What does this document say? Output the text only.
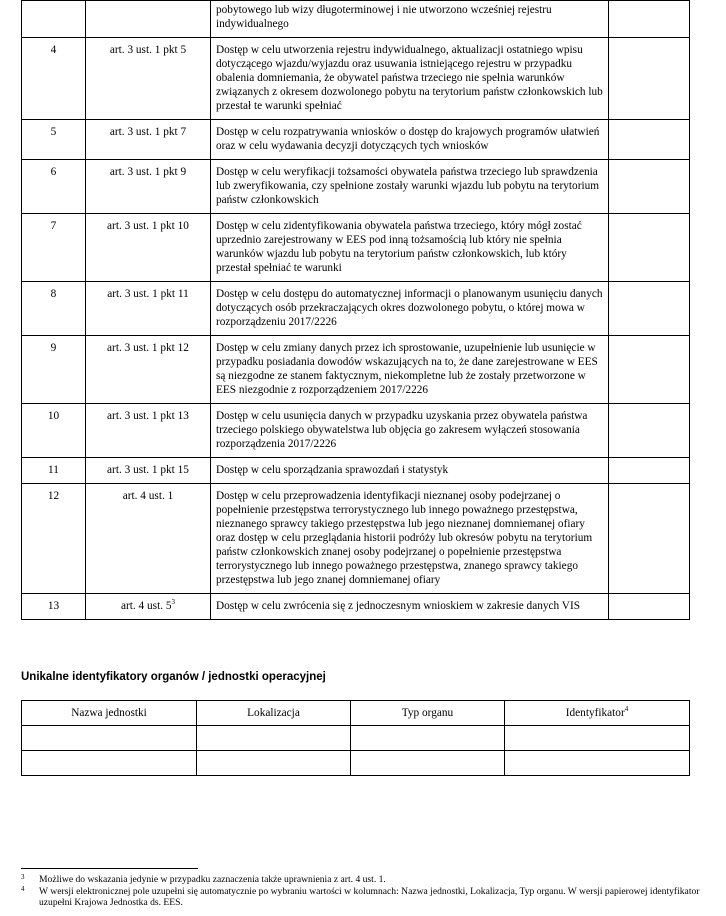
		pobytowego lub wizy długoterminowej i nie utworzono wcześniej rejestru indywidualnego	
4	art. 3 ust. 1 pkt 5	Dostęp w celu utworzenia rejestru indywidualnego, aktualizacji ostatniego wpisu dotyczącego wjazdu/wyjazdu oraz usuwania istniejącego rejestru w przypadku obalenia domniemania, że obywatel państwa trzeciego nie spełnia warunków związanych z okresem dozwolonego pobytu na terytorium państw członkowskich lub przestał te warunki spełniać	
5	art. 3 ust. 1 pkt 7	Dostęp w celu rozpatrywania wniosków o dostęp do krajowych programów ułatwień oraz w celu wydawania decyzji dotyczących tych wniosków	
6	art. 3 ust. 1 pkt 9	Dostęp w celu weryfikacji tożsamości obywatela państwa trzeciego lub sprawdzenia lub zweryfikowania, czy spełnione zostały warunki wjazdu lub pobytu na terytorium państw członkowskich	
7	art. 3 ust. 1 pkt 10	Dostęp w celu zidentyfikowania obywatela państwa trzeciego, który mógł zostać uprzednio zarejestrowany w EES pod inną tożsamością lub który nie spełnia warunków wjazdu lub pobytu na terytorium państw członkowskich, lub który przestał spełniać te warunki	
8	art. 3 ust. 1 pkt 11	Dostęp w celu dostępu do automatycznej informacji o planowanym usunięciu danych dotyczących osób przekraczających okres dozwolonego pobytu, o której mowa w rozporządzeniu 2017/2226	
9	art. 3 ust. 1 pkt 12	Dostęp w celu zmiany danych przez ich sprostowanie, uzupełnienie lub usunięcie w przypadku posiadania dowodów wskazujących na to, że dane zarejestrowane w EES są niezgodne ze stanem faktycznym, niekompletne lub że zostały przetworzone w EES niezgodnie z rozporządzeniem 2017/2226	
10	art. 3 ust. 1 pkt 13	Dostęp w celu usunięcia danych w przypadku uzyskania przez obywatela państwa trzeciego polskiego obywatelstwa lub objęcia go zakresem wyłączeń stosowania rozporządzenia 2017/2226	
11	art. 3 ust. 1 pkt 15	Dostęp w celu sporządzania sprawozdań i statystyk	
12	art. 4 ust. 1	Dostęp w celu przeprowadzenia identyfikacji nieznanej osoby podejrzanej o popełnienie przestępstwa terrorystycznego lub innego poważnego przestępstwa, nieznanego sprawcy takiego przestępstwa lub jego nieznanej domniemanej ofiary oraz dostęp w celu przeglądania historii podróży lub okresów pobytu na terytorium państw członkowskich znanej osoby podejrzanej o popełnienie przestępstwa terrorystycznego lub innego poważnego przestępstwa, znanego sprawcy takiego przestępstwa lub jego znanej domniemanej ofiary	
13	art. 4 ust. $5^3$	Dostęp w celu zwrócenia się z jednoczesnym wnioskiem w zakresie danych VIS	
Unikalne identyfikatory organów / jednostki operacyjnej
Nazwa jednostki	Lokalizacja	Typ organu	Identyfikator$^4$

3 Możliwe do wskazania jedynie w przypadku zaznaczenia także uprawnienia z art. 4 ust. 1.
4 W wersji elektronicznej pole uzupełni się automatycznie po wybraniu wartości w kolumnach: Nazwa jednostki, Lokalizacja, Typ organu. W wersji papierowej identyfikator uzupełni Krajowa Jednostka ds. EES.
